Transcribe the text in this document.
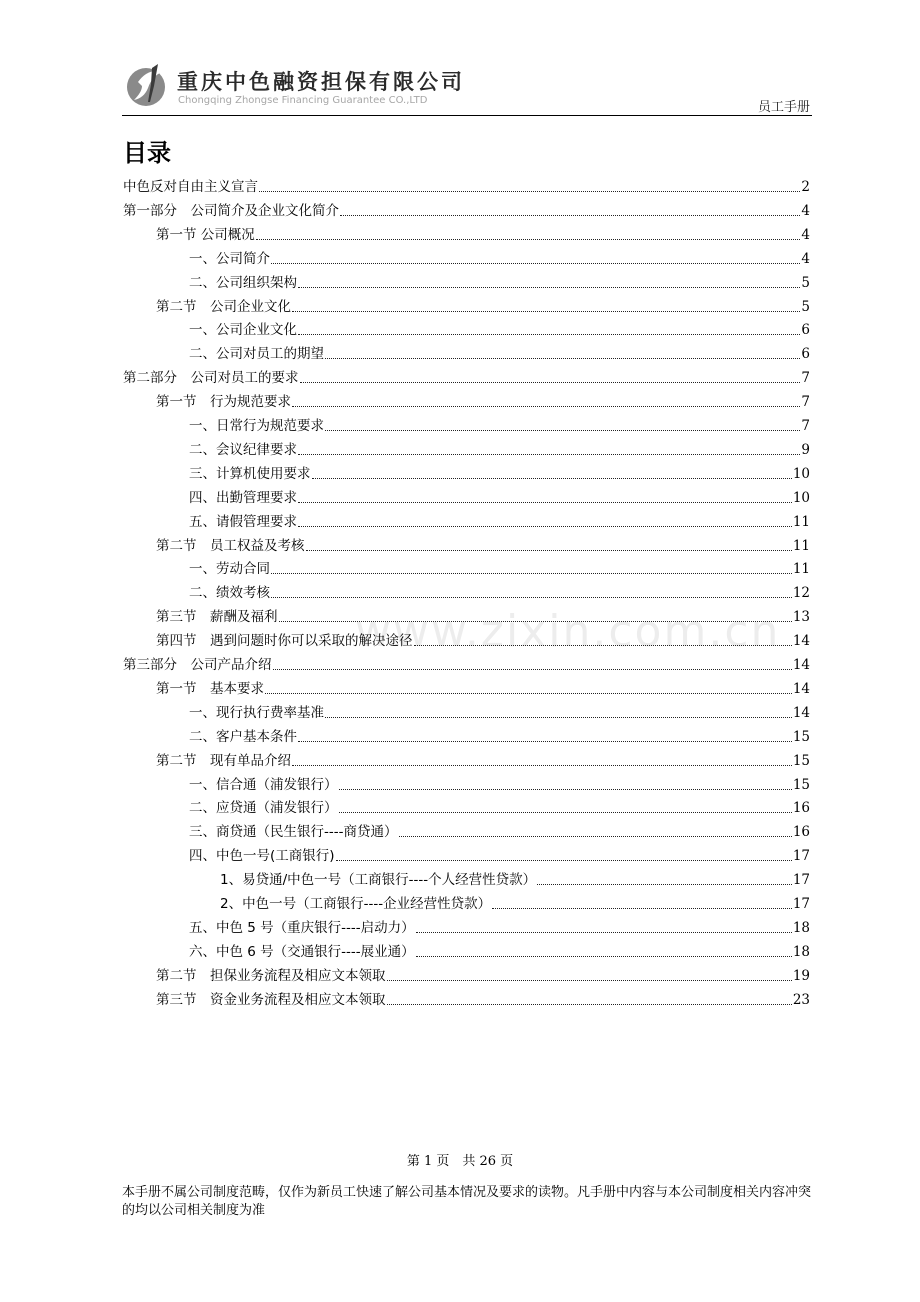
重庆中色融资担保有限公司
Chongqing Zhongse Financing Guarantee CO.,LTD	员工手册
目录
www.zixin.com.cn
中色反对自由主义宣言	2
第一部分　公司简介及企业文化简介	4
第一节 公司概况	4
一、公司简介	4
二、公司组织架构	5
第二节　公司企业文化	5
一、公司企业文化	6
二、公司对员工的期望	6
第二部分　公司对员工的要求	7
第一节　行为规范要求	7
一、日常行为规范要求	7
二、会议纪律要求	9
三、计算机使用要求	10
四、出勤管理要求	10
五、请假管理要求	11
第二节　员工权益及考核	11
一、劳动合同	11
二、绩效考核	12
第三节　薪酬及福利	13
第四节　遇到问题时你可以采取的解决途径	14
第三部分　公司产品介绍	14
第一节　基本要求	14
一、现行执行费率基准	14
二、客户基本条件	15
第二节　现有单品介绍	15
一、信合通（浦发银行）	15
二、应贷通（浦发银行）	16
三、商贷通（民生银行----商贷通）	16
四、中色一号(工商银行)	17
1、易贷通/中色一号（工商银行----个人经营性贷款）	17
2、中色一号（工商银行----企业经营性贷款）	17
五、中色 5 号（重庆银行----启动力）	18
六、中色 6 号（交通银行----展业通）	18
第二节　担保业务流程及相应文本领取	19
第三节　资金业务流程及相应文本领取	23
第 1 页　共 26 页
本手册不属公司制度范畴，仅作为新员工快速了解公司基本情况及要求的读物。凡手册中内容与本公司制度相关内容冲突的均以公司相关制度为准
